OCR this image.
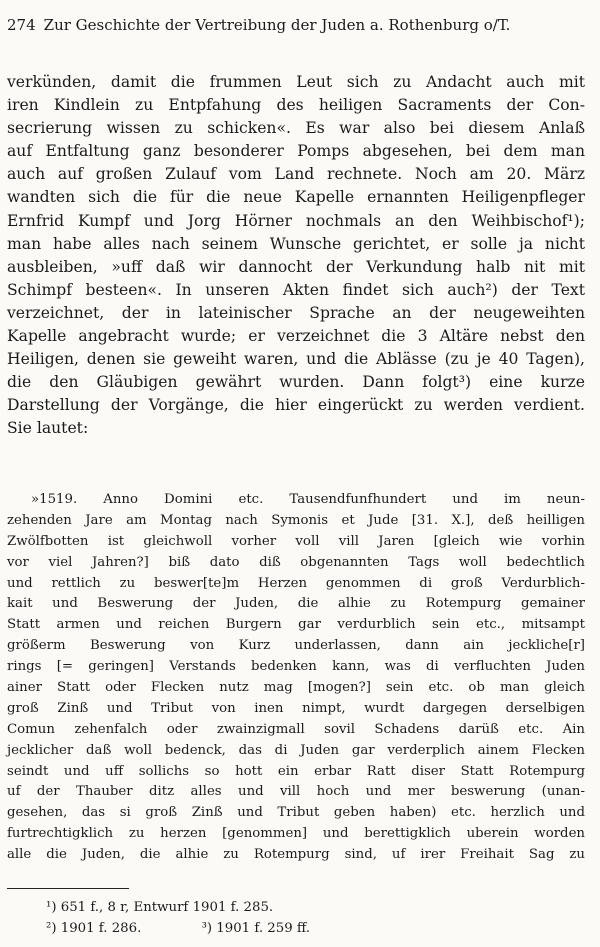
274 Zur Geschichte der Vertreibung der Juden a. Rothenburg o/T.
verkünden, damit die frummen Leut sich zu Andacht auch mit
iren Kindlein zu Entpfahung des heiligen Sacraments der Con-
secrierung wissen zu schicken«. Es war also bei diesem Anlaß
auf Entfaltung ganz besonderer Pomps abgesehen, bei dem man
auch auf großen Zulauf vom Land rechnete. Noch am 20. März
wandten sich die für die neue Kapelle ernannten Heiligenpfleger
Ernfrid Kumpf und Jorg Hörner nochmals an den Weihbischof¹);
man habe alles nach seinem Wunsche gerichtet, er solle ja nicht
ausbleiben, »uff daß wir dannocht der Verkundung halb nit mit
Schimpf besteen«. In unseren Akten findet sich auch²) der Text
verzeichnet, der in lateinischer Sprache an der neugeweihten
Kapelle angebracht wurde; er verzeichnet die 3 Altäre nebst den
Heiligen, denen sie geweiht waren, und die Ablässe (zu je 40 Tagen),
die den Gläubigen gewährt wurden. Dann folgt³) eine kurze
Darstellung der Vorgänge, die hier eingerückt zu werden verdient.
Sie lautet:
»1519. Anno Domini etc. Tausendfunfhundert und im neun-
zehenden Jare am Montag nach Symonis et Jude [31. X.], deß heilligen
Zwölfbotten ist gleichwoll vorher voll vill Jaren [gleich wie vorhin
vor viel Jahren?] biß dato diß obgenannten Tags woll bedechtlich
und rettlich zu beswer[te]m Herzen genommen di groß Verdurblich-
kait und Beswerung der Juden, die alhie zu Rotempurg gemainer
Statt armen und reichen Burgern gar verdurblich sein etc., mitsampt
größerm Beswerung von Kurz underlassen, dann ain jeckliche[r]
rings [= geringen] Verstands bedenken kann, was di verfluchten Juden
ainer Statt oder Flecken nutz mag [mogen?] sein etc. ob man gleich
groß Zinß und Tribut von inen nimpt, wurdt dargegen derselbigen
Comun zehenfalch oder zwainzigmall sovil Schadens darüß etc. Ain
jecklicher daß woll bedenck, das di Juden gar verderplich ainem Flecken
seindt und uff sollichs so hott ein erbar Ratt diser Statt Rotempurg
uf der Thauber ditz alles und vill hoch und mer beswerung (unan-
gesehen, das si groß Zinß und Tribut geben haben) etc. herzlich und
furtrechtigklich zu herzen [genommen] und berettigklich uberein worden
alle die Juden, die alhie zu Rotempurg sind, uf irer Freihait Sag zu
¹) 651 f., 8 r, Entwurf 1901 f. 285.
²) 1901 f. 286.	³) 1901 f. 259 ff.
